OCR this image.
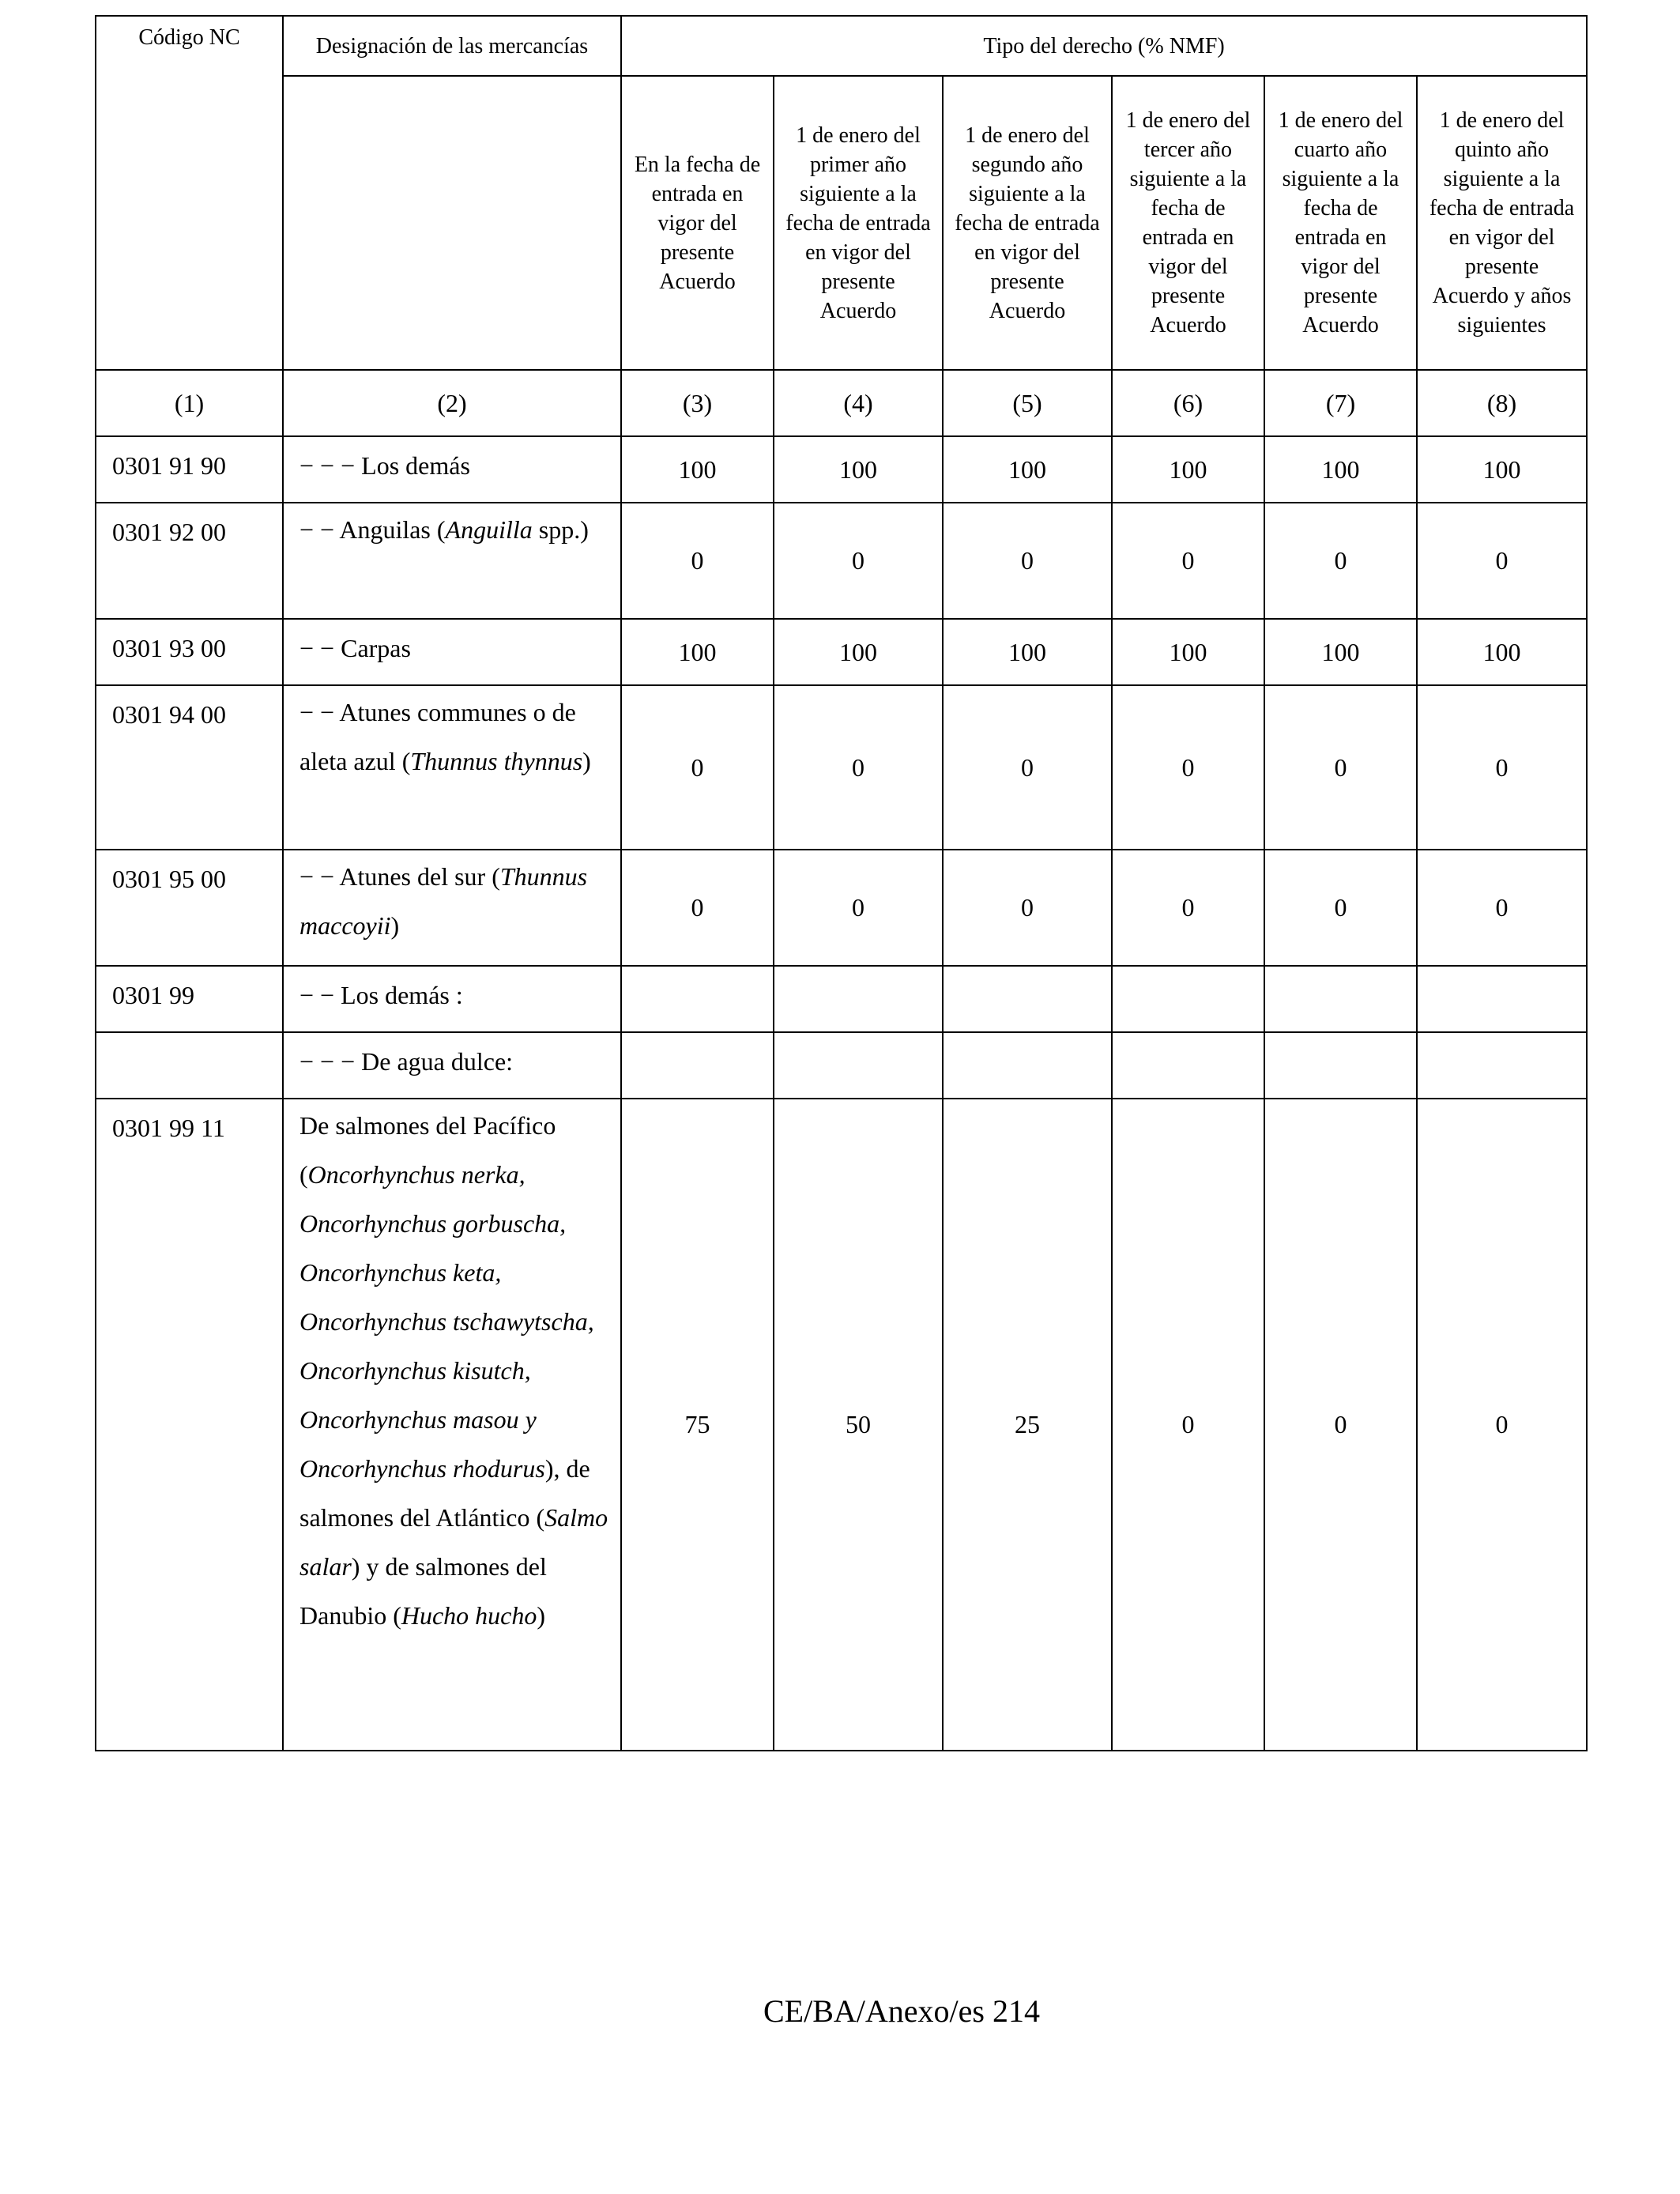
Código NC	Designación de las mercancías	Tipo del derecho (% NMF)					
		En la fecha de entrada en vigor del presente Acuerdo	1 de enero del primer año siguiente a la fecha de entrada en vigor del presente Acuerdo	1 de enero del segundo año siguiente a la fecha de entrada en vigor del presente Acuerdo	1 de enero del tercer año siguiente a la fecha de entrada en vigor del presente Acuerdo	1 de enero del cuarto año siguiente a la fecha de entrada en vigor del presente Acuerdo	1 de enero del quinto año siguiente a la fecha de entrada en vigor del presente Acuerdo y años siguientes
(1)	(2)	(3)	(4)	(5)	(6)	(7)	(8)
0301 91 90	− − − Los demás	100	100	100	100	100	100
0301 92 00	− − Anguilas (Anguilla spp.)	0	0	0	0	0	0
0301 93 00	− − Carpas	100	100	100	100	100	100
0301 94 00	− − Atunes communes o de aleta azul (Thunnus thynnus)	0	0	0	0	0	0
0301 95 00	− − Atunes del sur (Thunnus maccoyii)	0	0	0	0	0	0
0301 99	− − Los demás :						
	− − − De agua dulce:						
0301 99 11	De salmones del Pacífico (Oncorhynchus nerka, Oncorhynchus gorbuscha, Oncorhynchus keta, Oncorhynchus tschawytscha, Oncorhynchus kisutch, Oncorhynchus masou y Oncorhynchus rhodurus), de salmones del Atlántico (Salmo salar) y de salmones del Danubio (Hucho hucho)	75	50	25	0	0	0
CE/BA/Anexo/es 214
